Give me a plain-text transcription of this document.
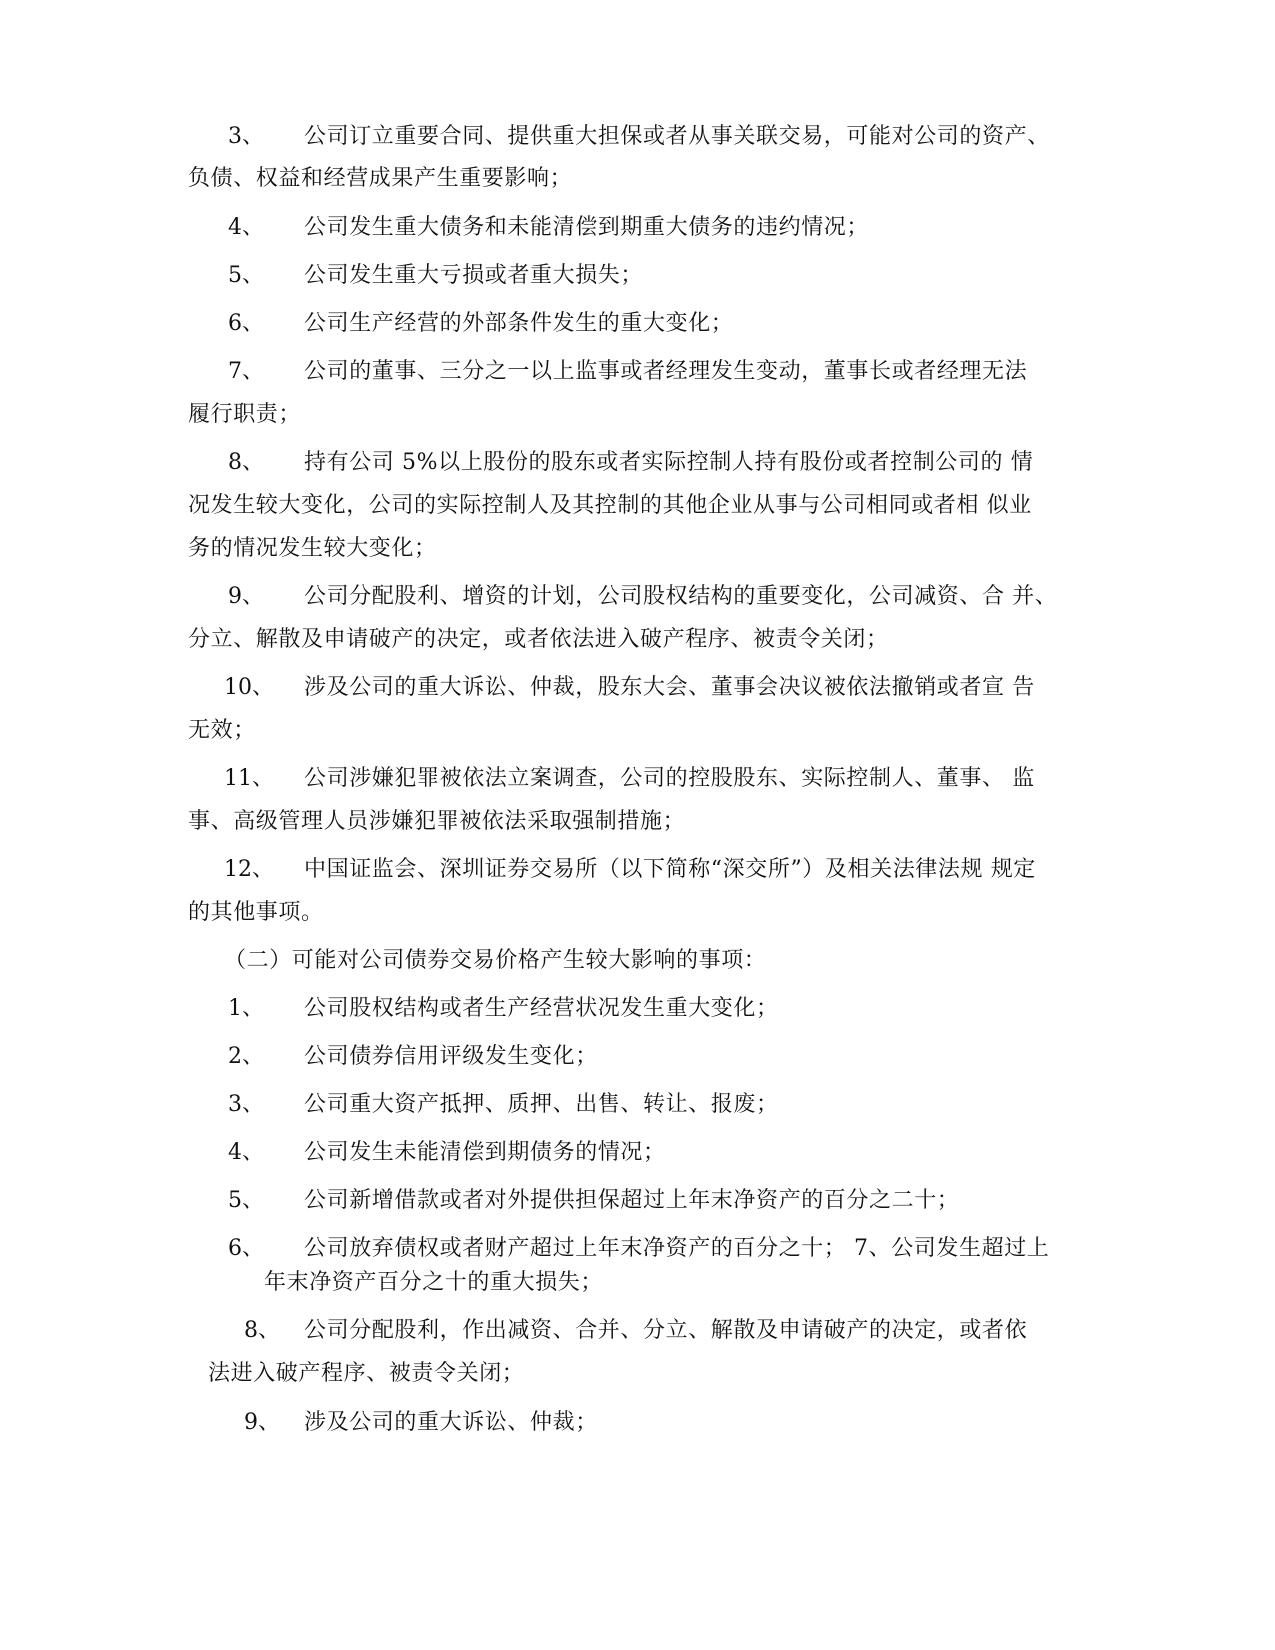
3、 公司订立重要合同、提供重大担保或者从事关联交易，可能对公司的资产、
负债、权益和经营成果产生重要影响；
4、 公司发生重大债务和未能清偿到期重大债务的违约情况；
5、 公司发生重大亏损或者重大损失；
6、 公司生产经营的外部条件发生的重大变化；
7、 公司的董事、三分之一以上监事或者经理发生变动，董事长或者经理无法
履行职责；
8、 持有公司 5%以上股份的股东或者实际控制人持有股份或者控制公司的 情
况发生较大变化，公司的实际控制人及其控制的其他企业从事与公司相同或者相 似业
务的情况发生较大变化；
9、 公司分配股利、增资的计划，公司股权结构的重要变化，公司减资、合 并、
分立、解散及申请破产的决定，或者依法进入破产程序、被责令关闭；
10、 涉及公司的重大诉讼、仲裁，股东大会、董事会决议被依法撤销或者宣 告
无效；
11、 公司涉嫌犯罪被依法立案调查，公司的控股股东、实际控制人、董事、 监
事、高级管理人员涉嫌犯罪被依法采取强制措施；
12、 中国证监会、深圳证券交易所（以下简称“深交所”）及相关法律法规 规定
的其他事项。
（二）可能对公司债券交易价格产生较大影响的事项：
1、 公司股权结构或者生产经营状况发生重大变化；
2、 公司债券信用评级发生变化；
3、 公司重大资产抵押、质押、出售、转让、报废；
4、 公司发生未能清偿到期债务的情况；
5、 公司新增借款或者对外提供担保超过上年末净资产的百分之二十；
6、 公司放弃债权或者财产超过上年末净资产的百分之十； 7、公司发生超过上
年末净资产百分之十的重大损失；
8、 公司分配股利，作出减资、合并、分立、解散及申请破产的决定，或者依
法进入破产程序、被责令关闭；
9、 涉及公司的重大诉讼、仲裁；
